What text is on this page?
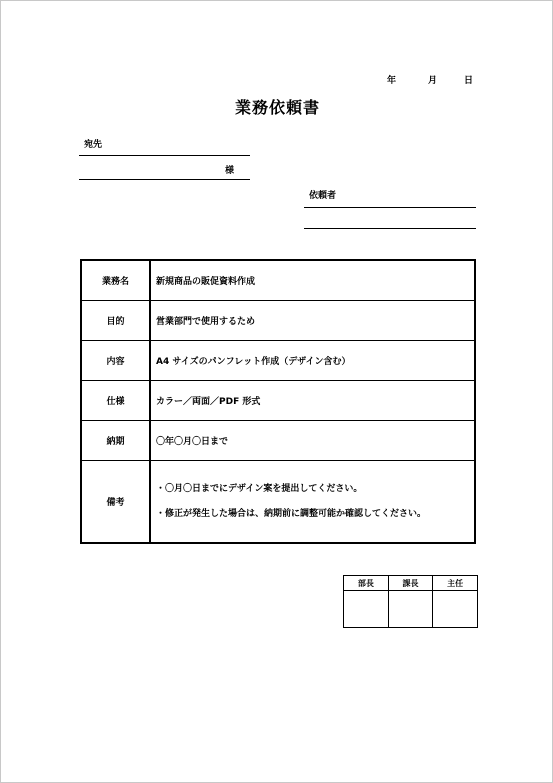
年	月	日
業務依頼書
宛先
様
依頼者
業務名	新規商品の販促資料作成
目的	営業部門で使用するため
内容	A4 サイズのパンフレット作成（デザイン含む）
仕様	カラー／両面／PDF 形式
納期	〇年〇月〇日まで
備考	・〇月〇日までにデザイン案を提出してください。
・修正が発生した場合は、納期前に調整可能か確認してください。
部長	課長	主任
